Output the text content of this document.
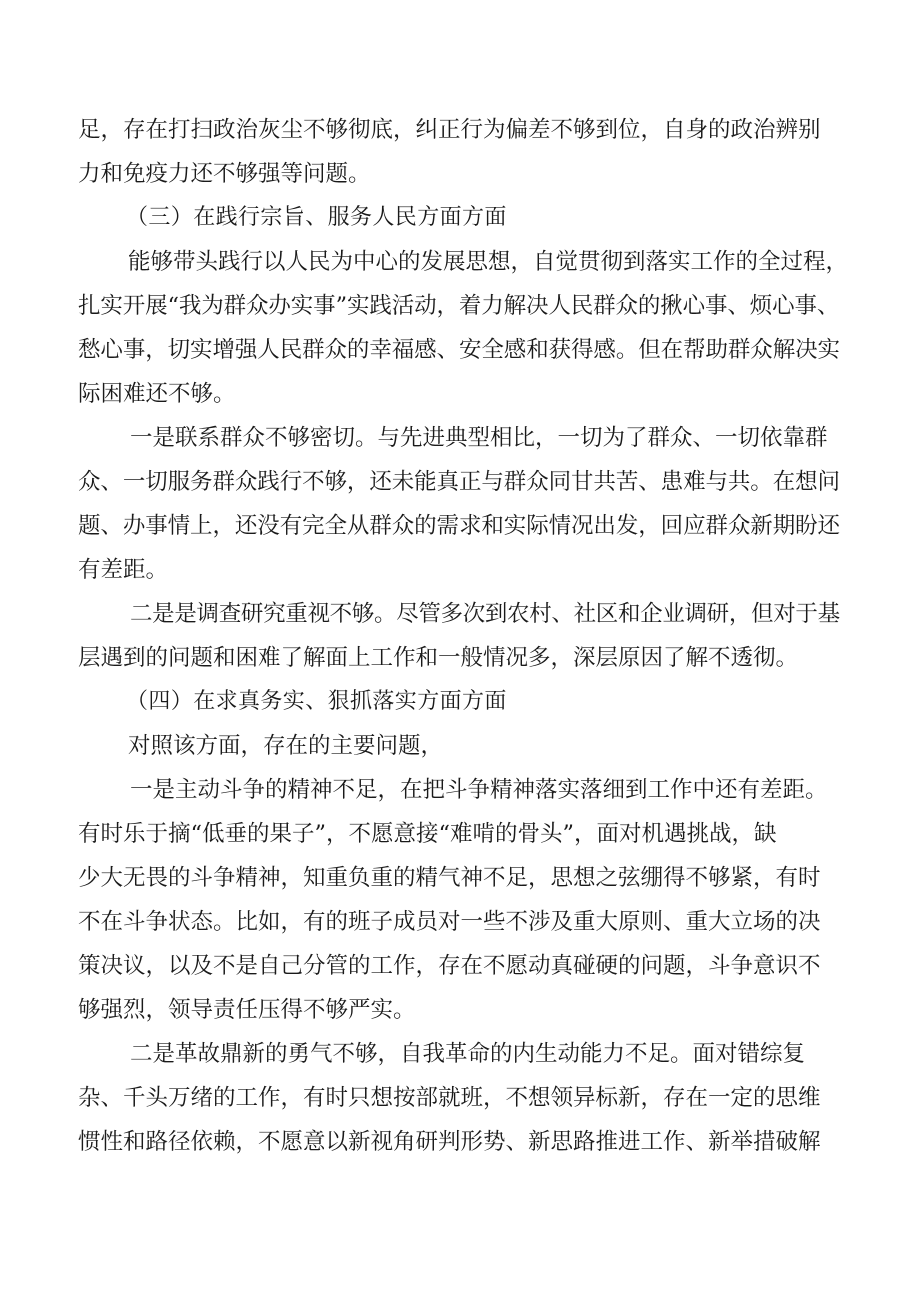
足，存在打扫政治灰尘不够彻底，纠正行为偏差不够到位，自身的政治辨别
力和免疫力还不够强等问题。
（三）在践行宗旨、服务人民方面方面
能够带头践行以人民为中心的发展思想，自觉贯彻到落实工作的全过程，
扎实开展“我为群众办实事”实践活动，着力解决人民群众的揪心事、烦心事、
愁心事，切实增强人民群众的幸福感、安全感和获得感。但在帮助群众解决实
际困难还不够。
一是联系群众不够密切。与先进典型相比，一切为了群众、一切依靠群
众、一切服务群众践行不够，还未能真正与群众同甘共苦、患难与共。在想问
题、办事情上，还没有完全从群众的需求和实际情况出发，回应群众新期盼还
有差距。
二是是调查研究重视不够。尽管多次到农村、社区和企业调研，但对于基
层遇到的问题和困难了解面上工作和一般情况多，深层原因了解不透彻。
（四）在求真务实、狠抓落实方面方面
对照该方面，存在的主要问题，
一是主动斗争的精神不足，在把斗争精神落实落细到工作中还有差距。
有时乐于摘“低垂的果子”，不愿意接“难啃的骨头”，面对机遇挑战，缺
少大无畏的斗争精神，知重负重的精气神不足，思想之弦绷得不够紧，有时
不在斗争状态。比如，有的班子成员对一些不涉及重大原则、重大立场的决
策决议，以及不是自己分管的工作，存在不愿动真碰硬的问题，斗争意识不
够强烈，领导责任压得不够严实。
二是革故鼎新的勇气不够，自我革命的内生动能力不足。面对错综复
杂、千头万绪的工作，有时只想按部就班，不想领异标新，存在一定的思维
惯性和路径依赖，不愿意以新视角研判形势、新思路推进工作、新举措破解
